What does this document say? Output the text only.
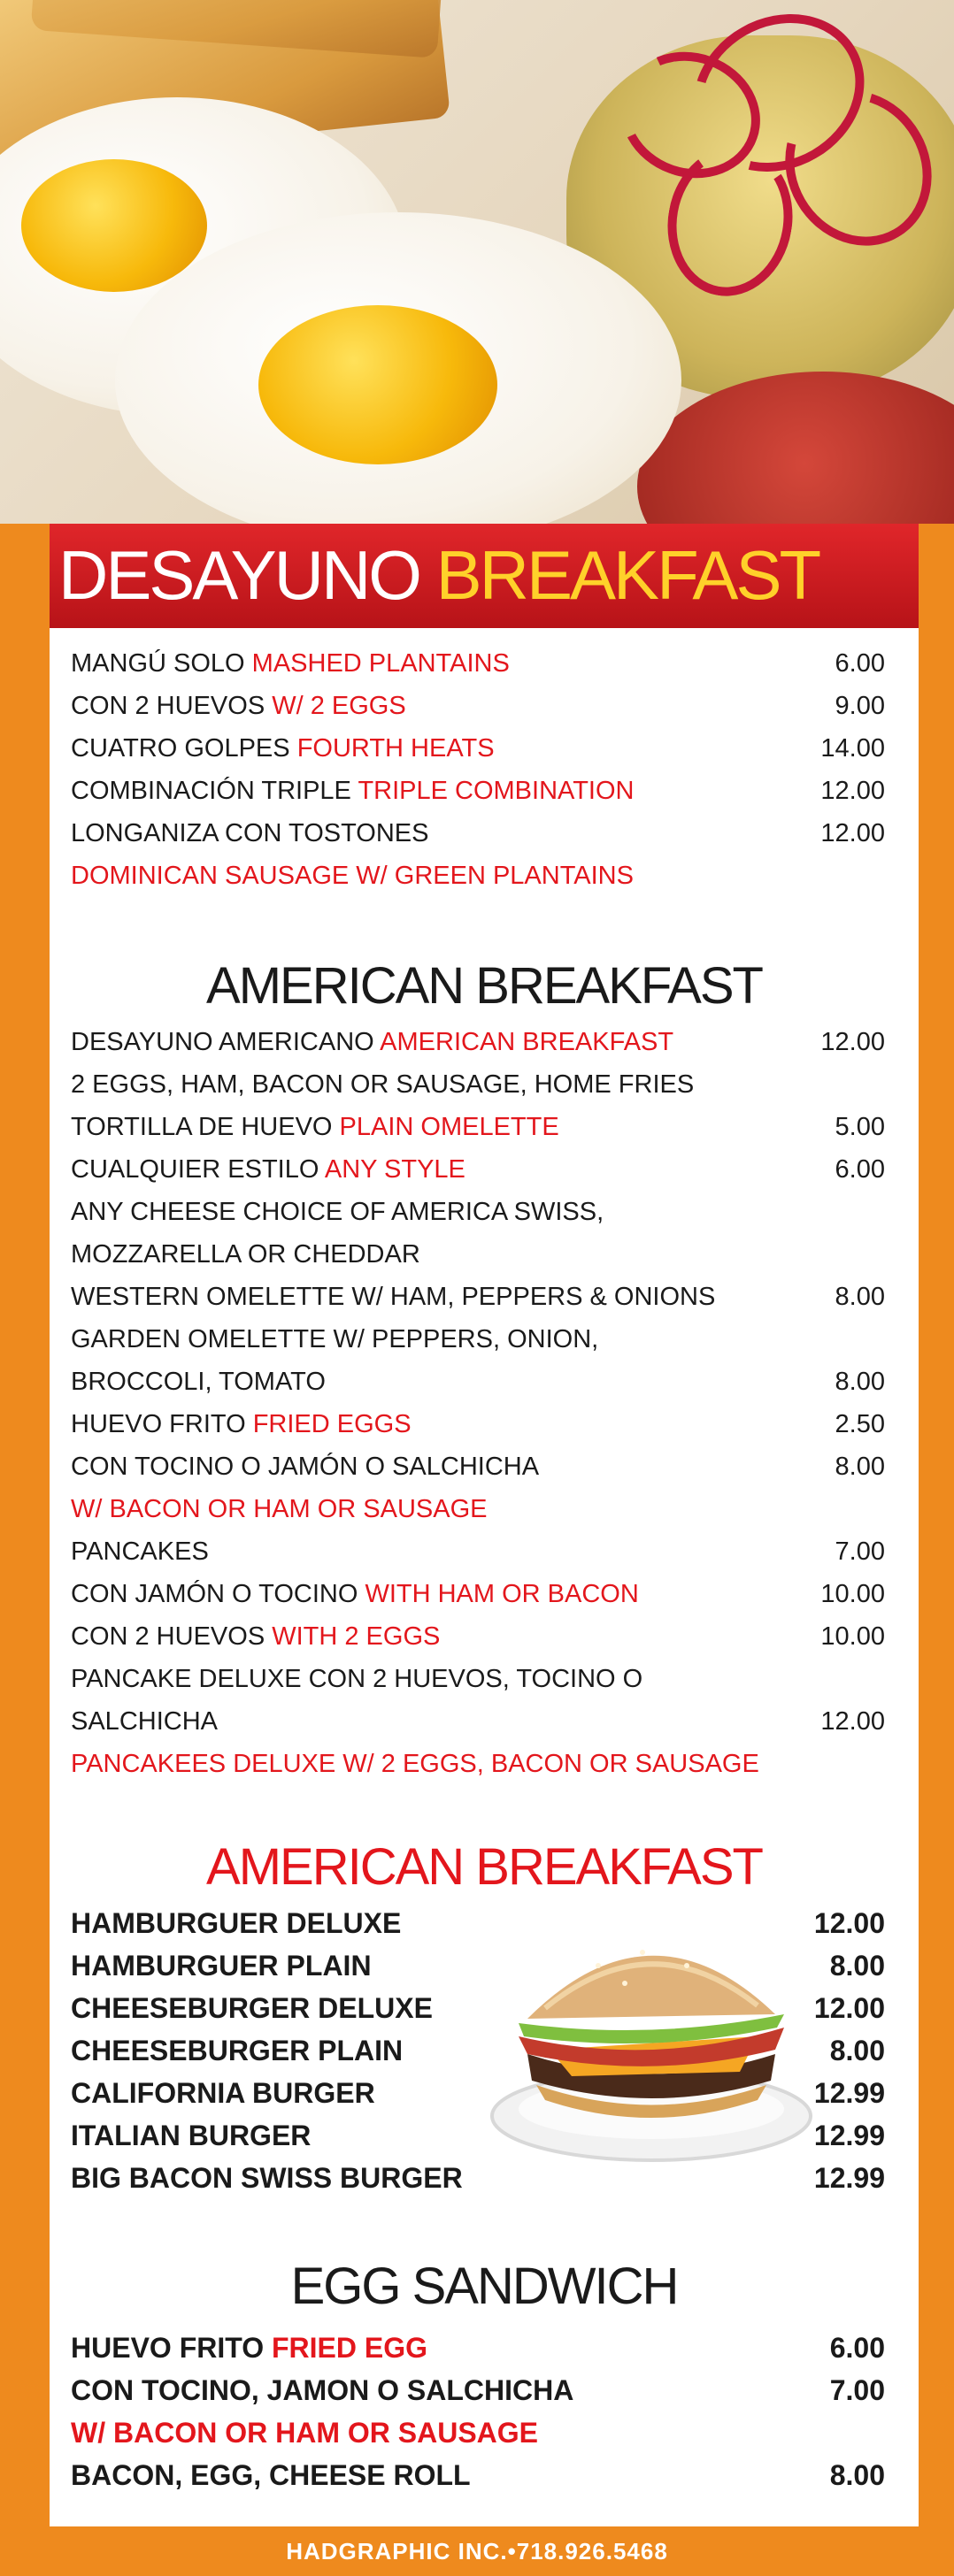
DESAYUNO BREAKFAST
MANGÚ SOLO MASHED PLANTAINS	6.00
CON 2 HUEVOS W/ 2 EGGS	9.00
CUATRO GOLPES FOURTH HEATS	14.00
COMBINACIÓN TRIPLE TRIPLE COMBINATION	12.00
LONGANIZA CON TOSTONES	12.00
DOMINICAN SAUSAGE W/ GREEN PLANTAINS
AMERICAN BREAKFAST
DESAYUNO AMERICANO AMERICAN BREAKFAST	12.00
2 EGGS, HAM, BACON OR SAUSAGE, HOME FRIES
TORTILLA DE HUEVO PLAIN OMELETTE	5.00
CUALQUIER ESTILO ANY STYLE	6.00
ANY CHEESE CHOICE OF AMERICA SWISS,
MOZZARELLA OR CHEDDAR
WESTERN OMELETTE W/ HAM, PEPPERS & ONIONS	8.00
GARDEN OMELETTE W/ PEPPERS, ONION,
BROCCOLI, TOMATO	8.00
HUEVO FRITO FRIED EGGS	2.50
CON TOCINO O JAMÓN O SALCHICHA	8.00
W/ BACON OR HAM OR SAUSAGE
PANCAKES	7.00
CON JAMÓN O TOCINO WITH HAM OR BACON	10.00
CON 2 HUEVOS WITH 2 EGGS	10.00
PANCAKE DELUXE CON 2 HUEVOS, TOCINO O
SALCHICHA	12.00
PANCAKEES DELUXE W/ 2 EGGS, BACON OR SAUSAGE
AMERICAN BREAKFAST
HAMBURGUER DELUXE	12.00
HAMBURGUER PLAIN	8.00
CHEESEBURGER DELUXE	12.00
CHEESEBURGER PLAIN	8.00
CALIFORNIA BURGER	12.99
ITALIAN BURGER	12.99
BIG BACON SWISS BURGER	12.99
EGG SANDWICH
HUEVO FRITO FRIED EGG	6.00
CON TOCINO, JAMON O SALCHICHA	7.00
W/ BACON OR HAM OR SAUSAGE
BACON, EGG, CHEESE ROLL	8.00
HADGRAPHIC INC.•718.926.5468
